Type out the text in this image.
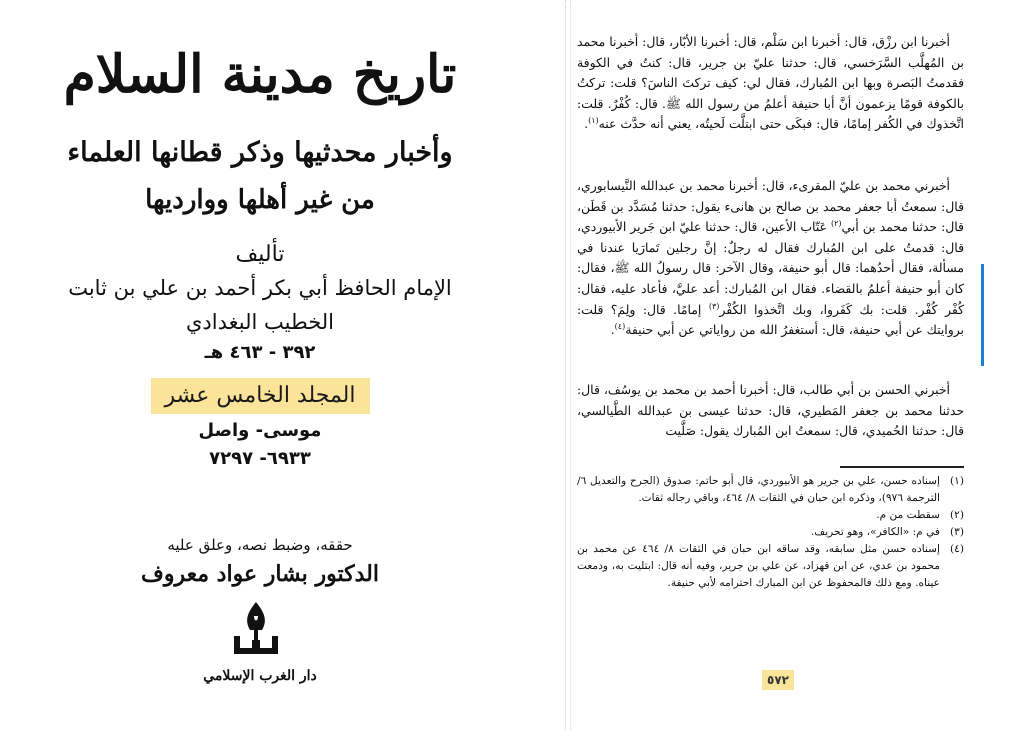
تاريخ مدينة السلام
وأخبار محدثيها وذكر قطانها العلماء
من غير أهلها ووارديها
تأليف
الإمام الحافظ أبي بكر أحمد بن علي بن ثابت
الخطيب البغدادي
٣٩٢ - ٤٦٣ هـ
المجلد الخامس عشر
موسى- واصل
٦٩٣٣- ٧٢٩٧
حققه، وضبط نصه، وعلق عليه
الدكتور بشار عواد معروف
دار الغرب الإسلامي

أخبرنا ابن رزْق، قال: أخبرنا ابن سَلْم، قال: أخبرنا الأبّار، قال: أخبرنا محمد بن المُهلَّب السَّرَخسي، قال: حدثنا عليّ بن جرير، قال: كنتُ في الكوفة فقدمتُ البَصرة وبها ابن المُبارك، فقال لي: كيف تركتَ الناسَ؟ قلت: تركتُ بالكوفة قومًا يزعمون أنَّ أبا حنيفة أعلمُ من رسول الله ﷺ. قال: كُفْرٌ. قلت: اتَّخذوك في الكُفر إمامًا، قال: فبكَى حتى ابتلَّت لَحيتُه، يعني أنه حدَّث عنه$^{(١)}$.

أخبرني محمد بن عليّ المقرىء، قال: أخبرنا محمد بن عبدالله النَّيسابوري، قال: سمعتُ أبا جعفر محمد بن صالح بن هانىء يقول: حدثنا مُسَدَّد بن قَطَن، قال: حدثنا محمد بن أبي$^{(٢)}$ عَتّاب الأعين، قال: حدثنا عليّ ابن جَرير الأبيوردي، قال: قدمتُ على ابن المُبارك فقال له رجلٌ: إنَّ رجلين تَمارَيا عندنا في مسألة، فقال أحدُهما: قال أبو حنيفة، وقال الآخر: قال رسولُ الله ﷺ، فقال: كان أبو حنيفة أعلمُ بالقضاء. فقال ابن المُبارك: أعد عليَّ، فأعاد عليه، فقال: كُفْر كُفْر. قلت: بك كَفَروا، وبك اتَّخذوا الكُفْر$^{(٣)}$ إمامًا. قال: ولِمَ؟ قلت: بروايتك عن أبي حنيفة، قال: أستغفرُ الله من رواياتي عن أبي حنيفة$^{(٤)}$.

أخبرني الحسن بن أبي طالب، قال: أخبرنا أحمد بن محمد بن يوسُف، قال: حدثنا محمد بن جعفر المَطيري، قال: حدثنا عيسى بن عبدالله الطَّيالسي، قال: حدثنا الحُميدي، قال: سمعتُ ابن المُبارك يقول: صَلَّيت

(١)
إسناده حسن، علي بن جرير هو الأبيوردي، قال أبو حاتم: صدوق (الجرح والتعديل ٦/ الترجمة ٩٧٦)، وذكره ابن حبان في الثقات ٨/ ٤٦٤، وباقي رجاله ثقات.
(٢)
سقطت من م.
(٣)
في م: «الكافر»، وهو تحريف.
(٤)
إسناده حسن مثل سابقه، وقد ساقه ابن حبان في الثقات ٨/ ٤٦٤ عن محمد بن محمود بن عدي، عن ابن قهزاد، عن علي بن جرير، وفيه أنه قال: ابتليت به، ودمعت عيناه. ومع ذلك فالمحفوظ عن ابن المبارك احترامه لأبي حنيفة.
٥٧٢
